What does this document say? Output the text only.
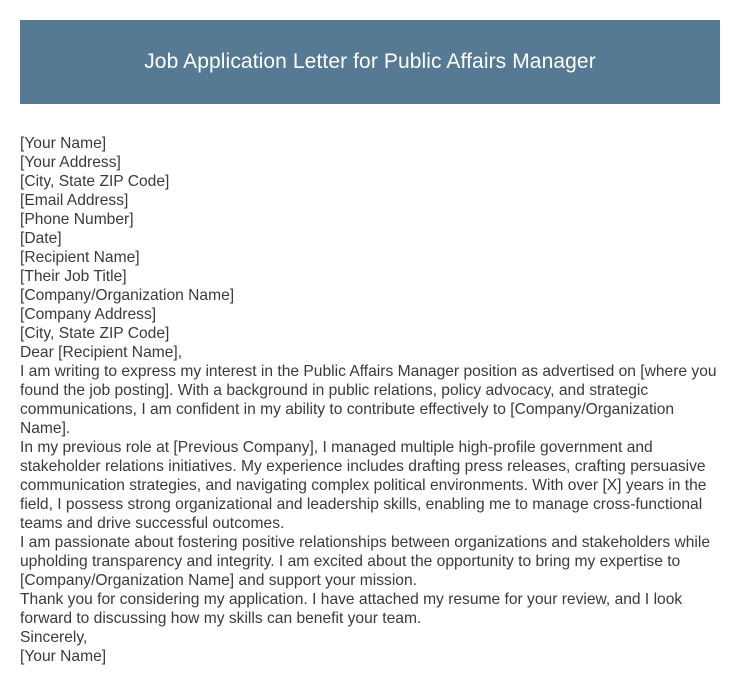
Job Application Letter for Public Affairs Manager
[Your Name]
[Your Address]
[City, State ZIP Code]
[Email Address]
[Phone Number]
[Date]
[Recipient Name]
[Their Job Title]
[Company/Organization Name]
[Company Address]
[City, State ZIP Code]
Dear [Recipient Name],

I am writing to express my interest in the Public Affairs Manager position as advertised on [where you found the job posting]. With a background in public relations, policy advocacy, and strategic communications, I am confident in my ability to contribute effectively to [Company/Organization Name].

In my previous role at [Previous Company], I managed multiple high-profile government and stakeholder relations initiatives. My experience includes drafting press releases, crafting persuasive communication strategies, and navigating complex political environments. With over [X] years in the field, I possess strong organizational and leadership skills, enabling me to manage cross-functional teams and drive successful outcomes.

I am passionate about fostering positive relationships between organizations and stakeholders while upholding transparency and integrity. I am excited about the opportunity to bring my expertise to [Company/Organization Name] and support your mission.

Thank you for considering my application. I have attached my resume for your review, and I look forward to discussing how my skills can benefit your team.

Sincerely,
[Your Name]
